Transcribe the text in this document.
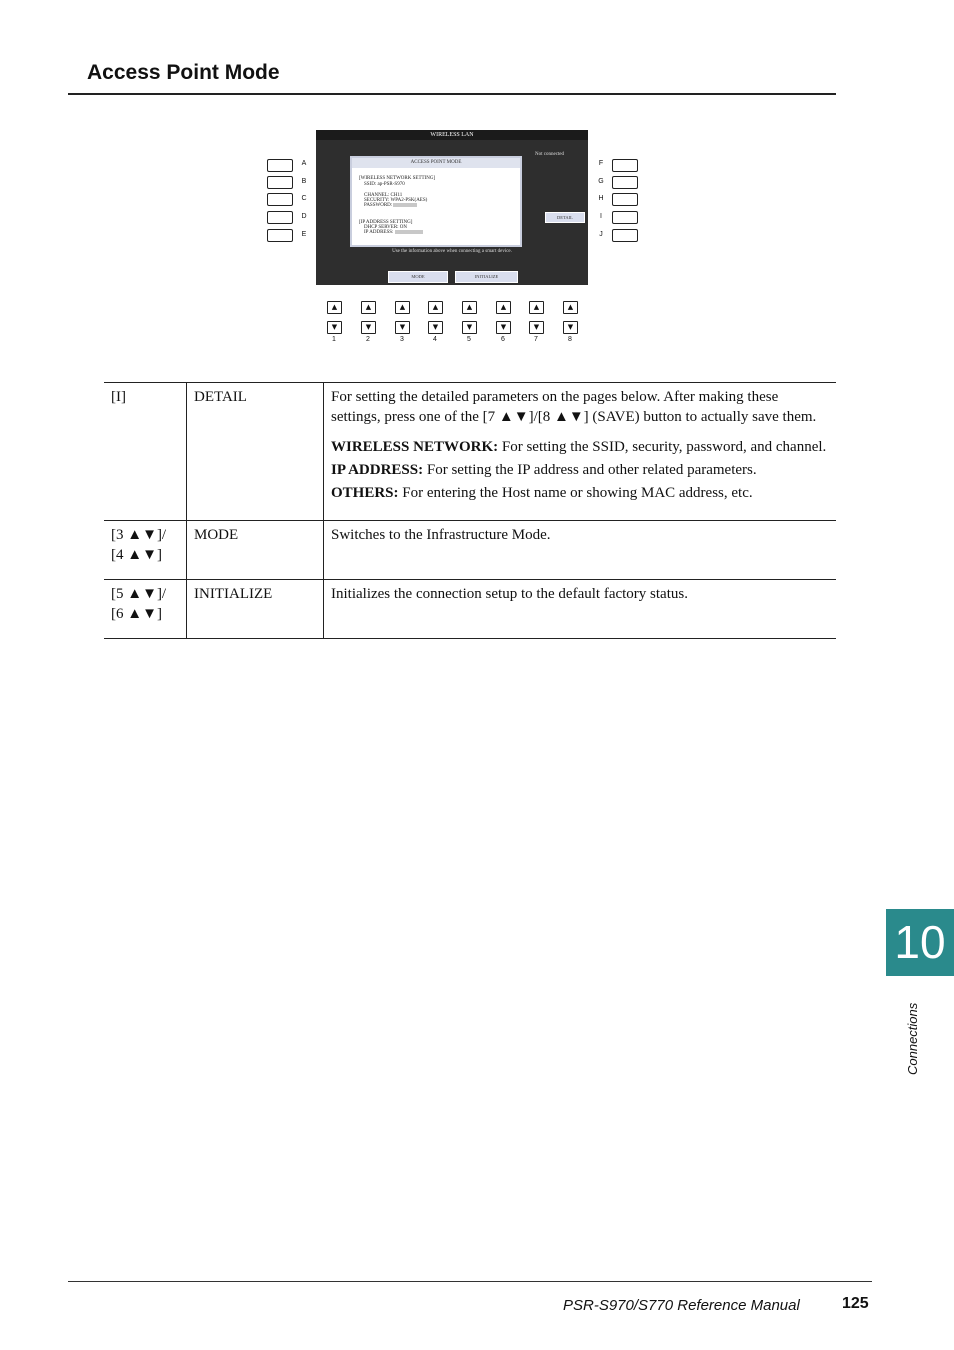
Access Point Mode
A
B
C
D
E
F
G
H
I
J
WIRELESS LAN
Not connected
ACCESS POINT MODE
[WIRELESS NETWORK SETTING]
SSID: ap-PSR-S970
CHANNEL: CH11
SECURITY: WPA2-PSK(AES)
PASSWORD:
[IP ADDRESS SETTING]
DHCP SERVER: ON
IP ADDRESS:
DETAIL
Use the information above when connecting a smart device.
MODE	INITIALIZE
▲	▲	▲	▲	▲	▲	▲	▲
▼	▼	▼	▼	▼	▼	▼	▼
1	2	3	4	5	6	7	8
[I]	DETAIL	For setting the detailed parameters on the pages below. After making these settings, press one of the [7 ▲▼]/[8 ▲▼] (SAVE) button to actually save them.

WIRELESS NETWORK: For setting the SSID, security, password, and channel.

IP ADDRESS: For setting the IP address and other related parameters.

OTHERS: For entering the Host name or showing MAC address, etc.

[3 ▲▼]/
[4 ▲▼]	MODE	Switches to the Infrastructure Mode.

[5 ▲▼]/
[6 ▲▼]	INITIALIZE	Initializes the connection setup to the default factory status.
10
Connections
PSR-S970/S770 Reference Manual	125
